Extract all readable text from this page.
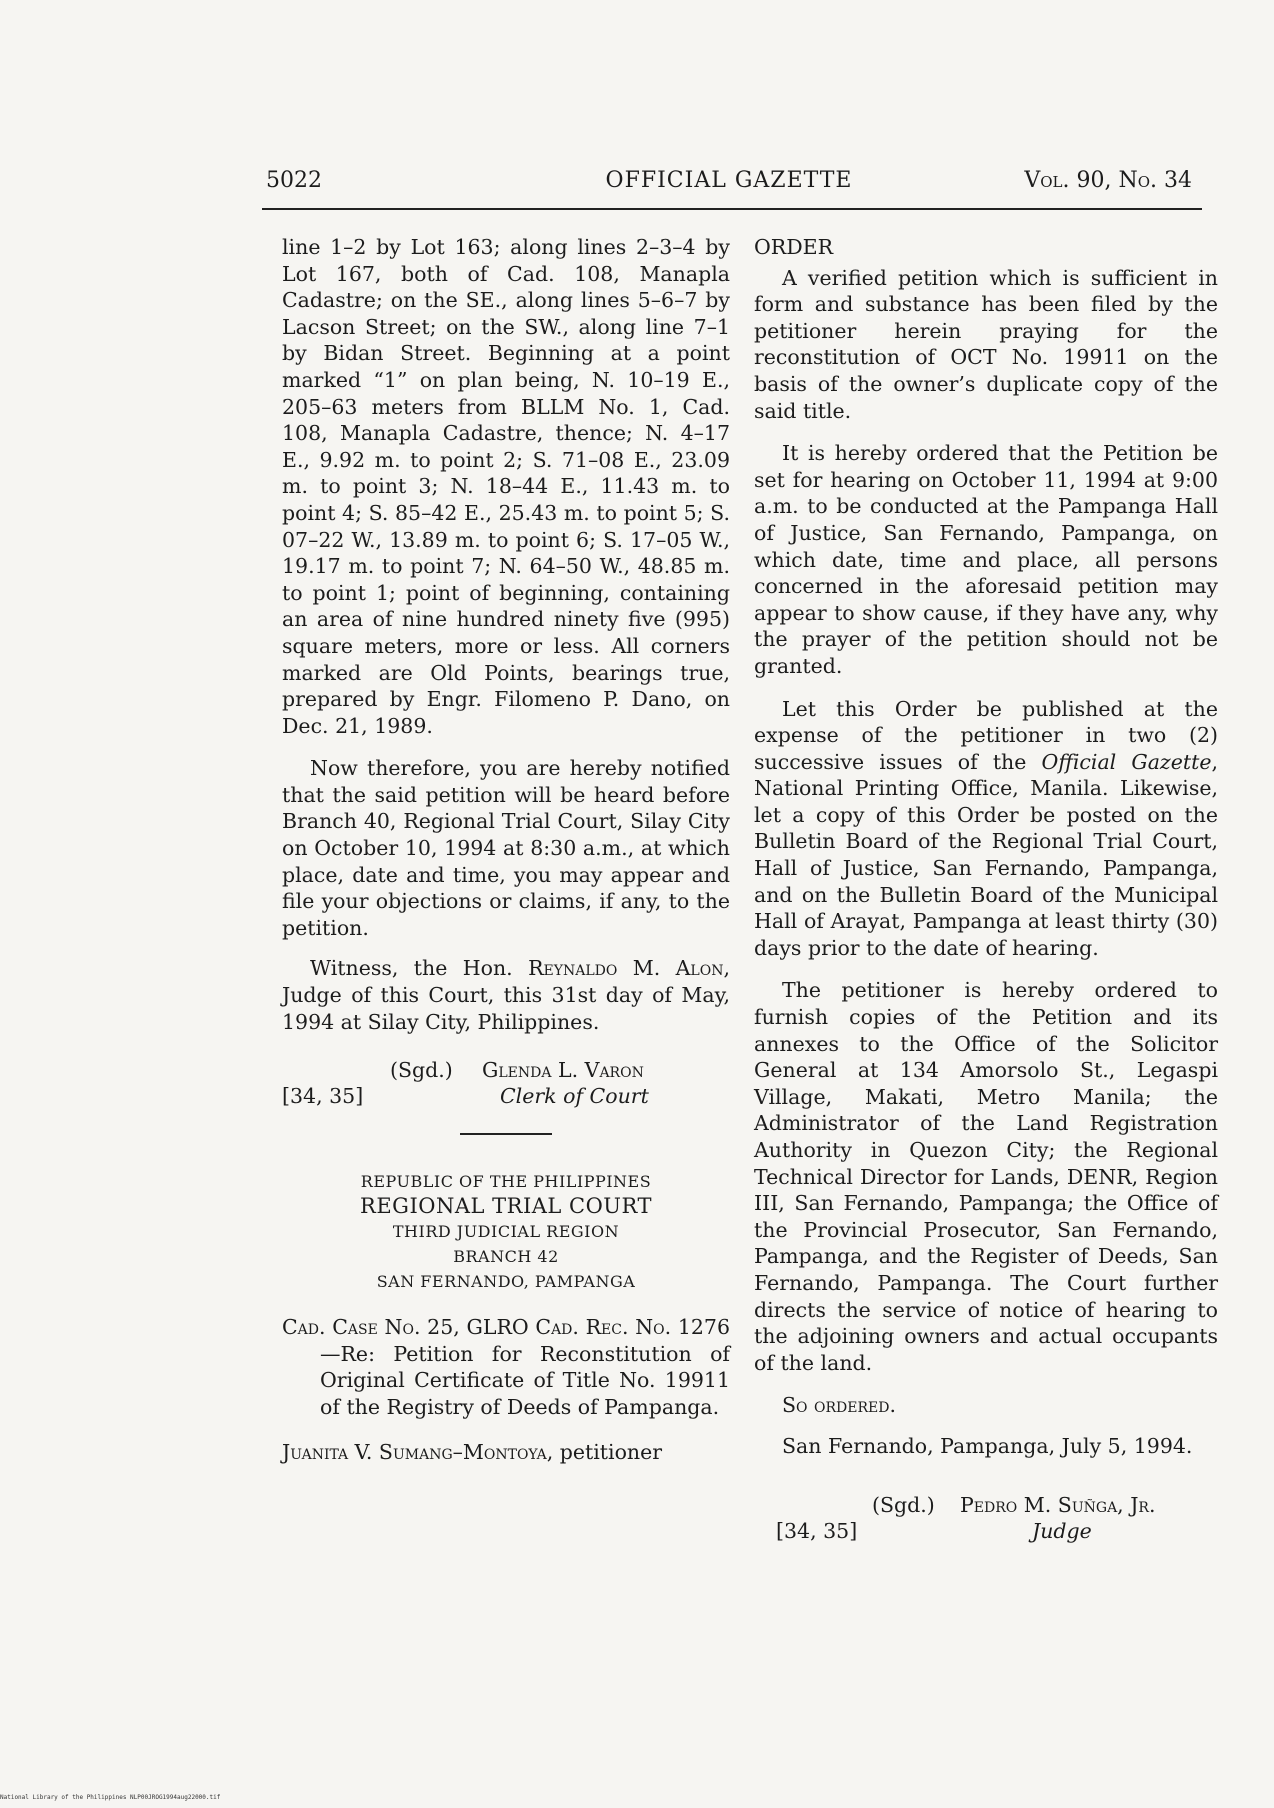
5022	OFFICIAL GAZETTE	Vol. 90, No. 34

line 1–2 by Lot 163; along lines 2–3–4 by Lot 167, both of Cad. 108, Manapla Cadastre; on the SE., along lines 5–6–7 by Lacson Street; on the SW., along line 7–1 by Bidan Street. Beginning at a point marked “1” on plan being, N. 10–19 E., 205–63 meters from BLLM No. 1, Cad. 108, Manapla Cadastre, thence; N. 4–17 E., 9.92 m. to point 2; S. 71–08 E., 23.09 m. to point 3; N. 18–44 E., 11.43 m. to point 4; S. 85–42 E., 25.43 m. to point 5; S. 07–22 W., 13.89 m. to point 6; S. 17–05 W., 19.17 m. to point 7; N. 64–50 W., 48.85 m. to point 1; point of beginning, containing an area of nine hundred ninety five (995) square meters, more or less. All corners marked are Old Points, bearings true, prepared by Engr. Filomeno P. Dano, on Dec. 21, 1989.

Now therefore, you are hereby notified that the said petition will be heard before Branch 40, Regional Trial Court, Silay City on October 10, 1994 at 8:30 a.m., at which place, date and time, you may appear and file your objections or claims, if any, to the petition.

Witness, the Hon. Reynaldo M. Alon, Judge of this Court, this 31st day of May, 1994 at Silay City, Philippines.

[34, 35]
(Sgd.) Glenda L. Varon
Clerk of Court
REPUBLIC OF THE PHILIPPINES
REGIONAL TRIAL COURT
THIRD JUDICIAL REGION
BRANCH 42
SAN FERNANDO, PAMPANGA

Cad. Case No. 25, GLRO Cad. Rec. No. 1276—Re: Petition for Reconstitution of Original Certificate of Title No. 19911 of the Registry of Deeds of Pampanga.

Juanita V. Sumang–Montoya, petitioner

ORDER

A verified petition which is sufficient in form and substance has been filed by the petitioner herein praying for the reconstitution of OCT No. 19911 on the basis of the owner’s duplicate copy of the said title.

It is hereby ordered that the Petition be set for hearing on October 11, 1994 at 9:00 a.m. to be conducted at the Pampanga Hall of Justice, San Fernando, Pampanga, on which date, time and place, all persons concerned in the aforesaid petition may appear to show cause, if they have any, why the prayer of the petition should not be granted.

Let this Order be published at the expense of the petitioner in two (2) successive issues of the Official Gazette, National Printing Office, Manila. Likewise, let a copy of this Order be posted on the Bulletin Board of the Regional Trial Court, Hall of Justice, San Fernando, Pampanga, and on the Bulletin Board of the Municipal Hall of Arayat, Pampanga at least thirty (30) days prior to the date of hearing.

The petitioner is hereby ordered to furnish copies of the Petition and its annexes to the Office of the Solicitor General at 134 Amorsolo St., Legaspi Village, Makati, Metro Manila; the Administrator of the Land Registration Authority in Quezon City; the Regional Technical Director for Lands, DENR, Region III, San Fernando, Pampanga; the Office of the Provincial Prosecutor, San Fernando, Pampanga, and the Register of Deeds, San Fernando, Pampanga. The Court further directs the service of notice of hearing to the adjoining owners and actual occupants of the land.

So ordered.

San Fernando, Pampanga, July 5, 1994.

[34, 35]
(Sgd.) Pedro M. Suñga, Jr.
Judge
National Library of the Philippines NLP00JROG1994aug22000.tif
